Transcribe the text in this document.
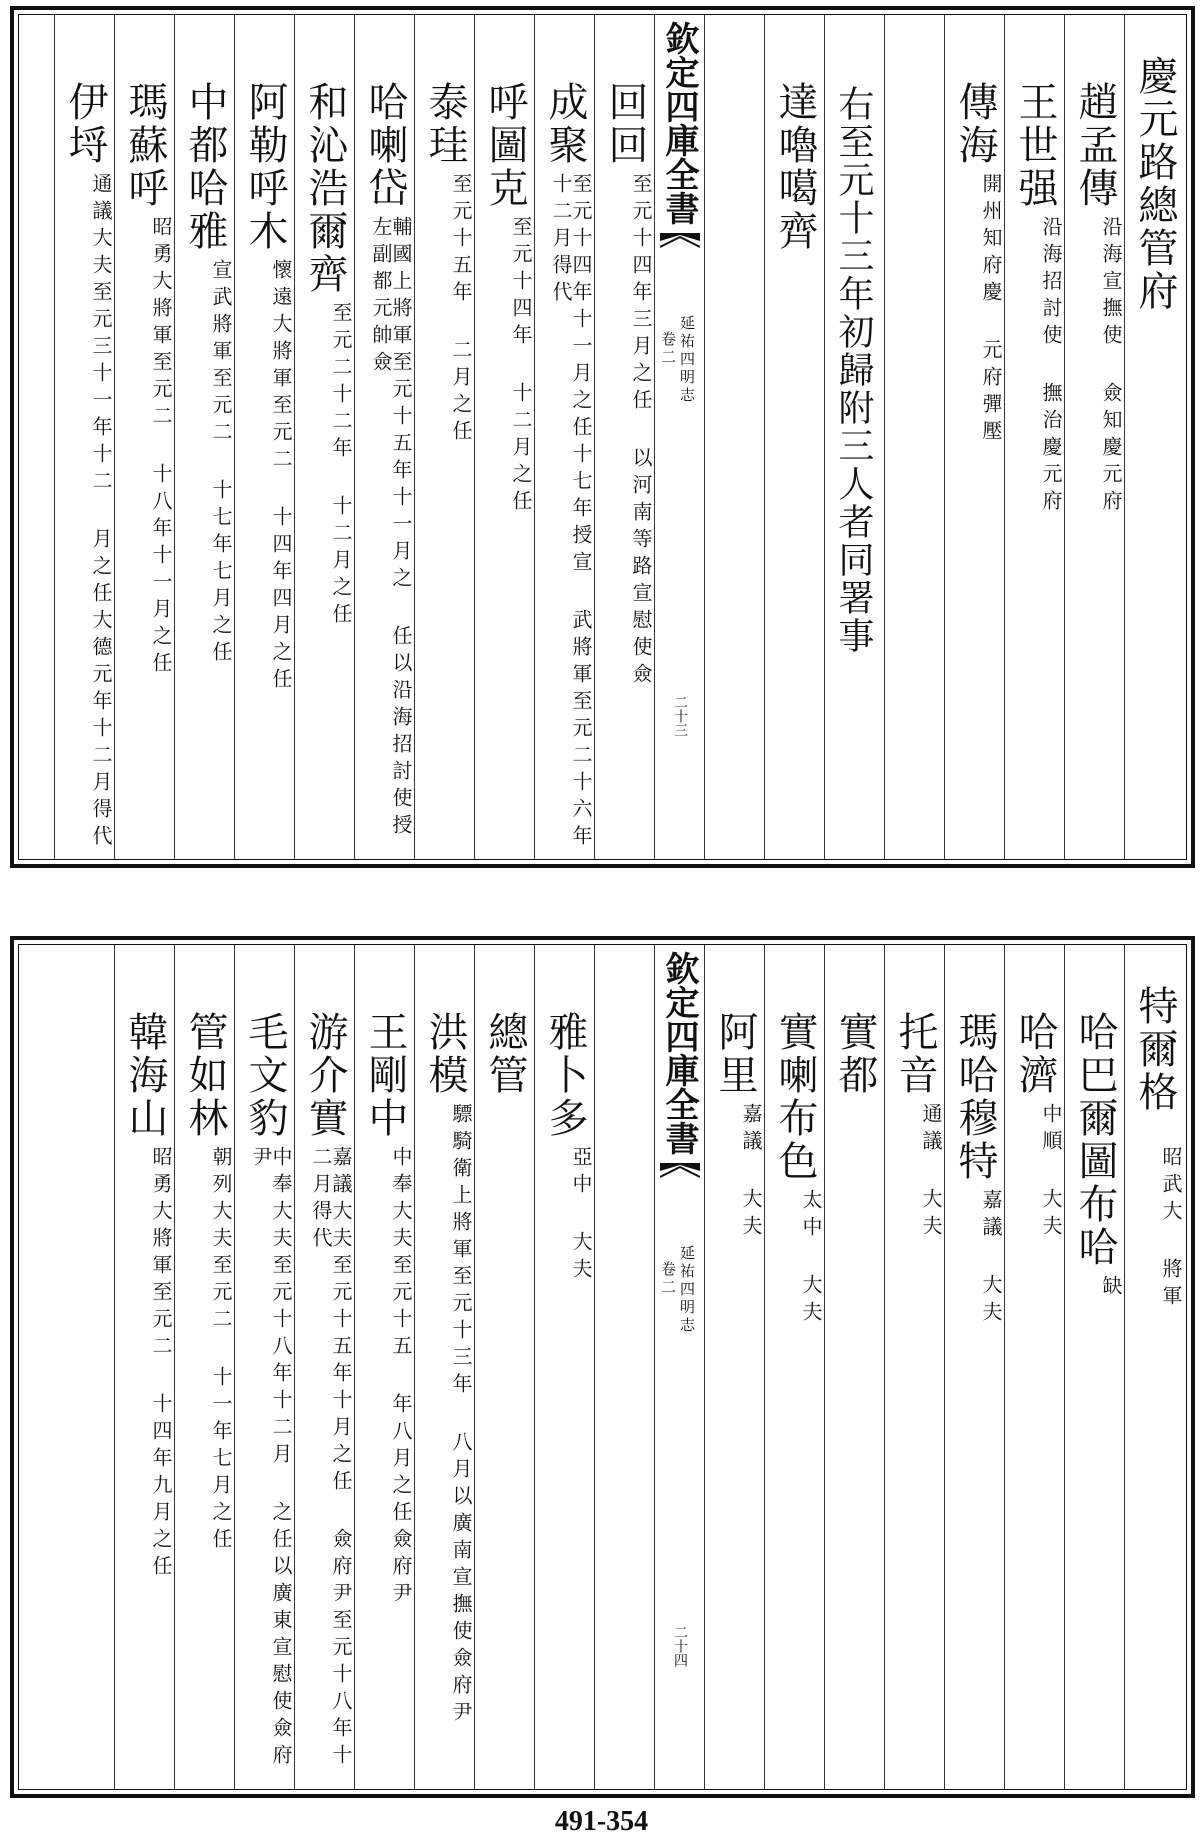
慶元路總管府
趙孟傳
沿海宣撫使 僉知慶元府
王世强
沿海招討使 撫治慶元府
傳海
開州知府慶 元府彈壓
右至元十三年初歸附三人者同署事
達嚕噶齊
欽定四庫全書
延祐四明志
卷二
二十三
回回
至元十四年三月之任 以河南等路宣慰使僉
成聚
至元十四年十一月之任十七年授宣 武將軍至元二十六年十二月得代
呼圖克
至元十四年 十二月之任
泰珪
至元十五年 二月之任
哈喇岱
輔國上將軍至元十五年十一月之 任以沿海招討使授左副都元帥僉
和沁浩爾齊
至元二十二年 十二月之任
阿勒呼木
懷遠大將軍至元二 十四年四月之任
中都哈雅
宣武將軍至元二 十七年七月之任
瑪蘇呼
昭勇大將軍至元二 十八年十一月之任
伊埒
通議大夫至元三十一年十二 月之任大德元年十二月得代
特爾格
昭武大 將軍
哈巴爾圖布哈
缺
哈濟
中順 大夫
瑪哈穆特
嘉議 大夫
托音
通議 大夫
實都
實喇布色
太中 大夫
阿里
嘉議 大夫
欽定四庫全書
延祐四明志
卷二
二十四
雅卜多
亞中 大夫
總管
洪模
驃騎衛上將軍至元十三年 八月以廣南宣撫使僉府尹
王剛中
中奉大夫至元十五 年八月之任僉府尹
游介實
嘉議大夫至元十五年十月之任 僉府尹至元十八年十二月得代
毛文豹
中奉大夫至元十八年十二月 之任以廣東宣慰使僉府尹
管如林
朝列大夫至元二 十一年七月之任
韓海山
昭勇大將軍至元二 十四年九月之任
491-354
